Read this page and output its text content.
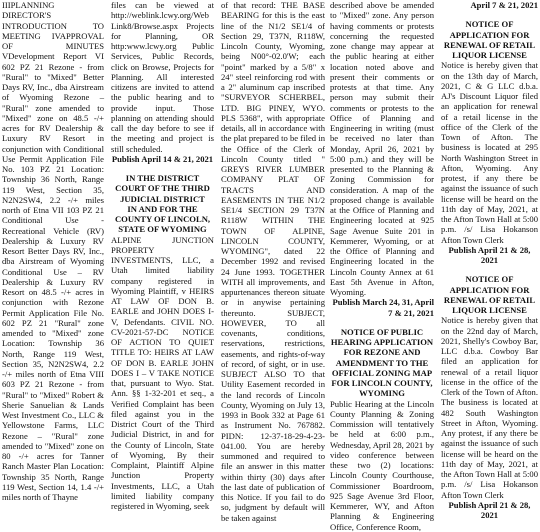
IIIPLANNING DIRECTOR'S INTRODUCTION TO MEETING IVAPPROVAL OF MINUTES VDevelopment Report VI 602 PZ 21 Rezone - from "Rural" to "Mixed" Better Days RV, Inc., dba Airstream of Wyoming Rezone – "Rural" zone amended to "Mixed" zone on 48.5 -/+ acres for RV Dealership & Luxury RV Resort in conjunction with Conditional Use Permit Application File No. 103 PZ 21 Location: Township 36 North, Range 119 West, Section 35, N2N2SW4, 2.2 -/+ miles north of Etna VII 103 PZ 21 Conditional Use - Recreational Vehicle (RV) Dealership & Luxury RV Resort Better Days RV, Inc., dba Airstream of Wyoming Conditional Use – RV Dealership & Luxury RV Resort on 48.5 -/+ acres in conjunction with Rezone Permit Application File No. 602 PZ 21 "Rural" zone amended to "Mixed" zone Location: Township 36 North, Range 119 West, Section 35, N2N2SW4, 2.2 -/+ miles north of Etna VIII 603 PZ 21 Rezone - from "Rural" to "Mixed" Robert & Sherie Sanuelian & Lands West Investment Co., LLC & Yellowstone Farms, LLC Rezone – "Rural" zone amended to "Mixed" zone on 80 -/+ acres for Tanner Ranch Master Plan Location: Township 35 North, Range 119 West, Section 14, 1.4 -/+ miles north of Thayne

files can be viewed at http://weblink.lcwy.org/WebLink8/Browse.aspx Projects for Planning, OR http:www.lcwy.org Public Services, Public Records, click on Browse, Projects for Planning. All interested citizens are invited to attend the public hearing and to provide input. Those planning on attending should call the day before to see if the meeting and project is still scheduled.

Publish April 14 & 21, 2021

IN THE DISTRICT COURT OF THE THIRD JUDICIAL DISTRICT

IN AND FOR THE COUNTY OF LINCOLN, STATE OF WYOMING

ALPINE JUNCTION PROPERTY INVESTMENTS, LLC, a Utah limited liability company registered in Wyoming Plaintiff, v HEIRS AT LAW OF DON B. EARLE and JOHN DOES I-V, Defendants. CIVIL NO. CV-2021-57-DC NOTICE OF ACTION TO QUIET TITLE TO: HEIRS AT LAW OF DON B. EARLE JOHN DOES I – V TAKE NOTICE that, pursuant to Wyo. Stat. Ann. §§ 1-32-201 et seq., a Verified Complaint has been filed against you in the District Court of the Third Judicial District, in and for the County of Lincoln, State of Wyoming, By their Complaint, Plaintiff Alpine Junction Property Investments, LLC, a Utah limited liability company registered in Wyoming, seek

of that record: THE BASE BEARING for this is the east line of the N1/2 SE1/4 of Section 29, T37N, R118W, Lincoln County, Wyoming, being N00°-02.0'W; each "point" marked by a 5/8" x 24" steel reinforcing rod with a 2" aluminum cap inscribed "SURVEYOR SCHERBEL, LTD. BIG PINEY, WYO. PLS 5368", with appropriate details, all in accordance with the plat prepared to be filed in the Office of the Clerk of Lincoln County titled " GREYS RIVER LUMBER COMPANY PLAT OF TRACTS AND EASEMENTS IN THE N1/2 SE1/4 SECTION 29 T37N R118W WITHIN THE TOWN OF ALPINE, LINCOLN COUNTY, WYOMING", dated 22 December 1992 and revised 24 June 1993. TOGETHER WITH all improvements, and appurtenances thereon situate or in anywise pertaining thereunto. SUBJECT, HOWEVER, TO all covenants, conditions, reservations, restrictions, easements, and rights-of-way of record, of sight, or in use. SUBJECT ALSO TO that Utility Easement recorded in the land records of Lincoln County, Wyoming on July 13, 1993 in Book 332 at Page 61 as Instrument No. 767882. PIDN: 12-37-18-29-4-23-041.00. You are hereby summoned and required to file an answer in this matter within thirty (30) days after the last date of publication of this Notice. If you fail to do so, judgment by default will be taken against

described above be amended to "Mixed" zone. Any person having comments or protests concerning the requested zone change may appear at the public hearing at either location noted above and present their comments or protests at that time. Any person may submit their comments or protests to the Office of Planning and Engineering in writing (must be received no later than Monday, April 26, 2021 by 5:00 p.m.) and they will be presented to the Planning & Zoning Commission for consideration. A map of the proposed change is available at the Office of Planning and Engineering located at 925 Sage Avenue Suite 201 in Kemmerer, Wyoming, or at the Office of Planning and Engineering located in the Lincoln County Annex at 61 East 5th Avenue in Afton, Wyoming.

Publish March 24, 31, April 7 & 21, 2021

NOTICE OF PUBLIC HEARING APPLICATION FOR REZONE AND AMENDMENT TO THE OFFICIAL ZONING MAP FOR LINCOLN COUNTY, WYOMING

Public Hearing at the Lincoln County Planning & Zoning Commission will tentatively be held at 6:00 p.m., Wednesday, April 28, 2021 by video conference between these two (2) locations: Lincoln County Courthouse, Commissioner Boardroom, 925 Sage Avenue 3rd Floor, Kemmerer, WY, and Afton Planning & Engineering Office, Conference Room,

April 7 & 21, 2021

NOTICE OF APPLICATION FOR RENEWAL OF RETAIL LIQUOR LICENSE

Notice is hereby given that on the 13th day of March, 2021, C & G LLC d.b.a. AJ's Discount Liquor filed an application for renewal of a retail license in the office of the Clerk of the Town of Afton. The business is located at 295 North Washington Street in Afton, Wyoming. Any protest, if any there be against the issuance of such license will be heard on the 11th day of May, 2021, at the Afton Town Hall at 5:00 p.m. /s/ Lisa Hokanson Afton Town Clerk

Publish April 21 & 28, 2021

NOTICE OF APPLICATION FOR RENEWAL OF RETAIL LIQUOR LICENSE

Notice is hereby given that on the 22nd day of March, 2021, Shelly's Cowboy Bar, LLC d.b.a. Cowboy Bar filed an application for renewal of a retail liquor license in the office of the Clerk of the Town of Afton. The business is located at 482 South Washington Street in Afton, Wyoming. Any protest, if any there be against the issuance of such license will be heard on the 11th day of May, 2021, at the Afton Town Hall at 5:00 p.m. /s/ Lisa Hokanson Afton Town Clerk

Publish April 21 & 28, 2021
